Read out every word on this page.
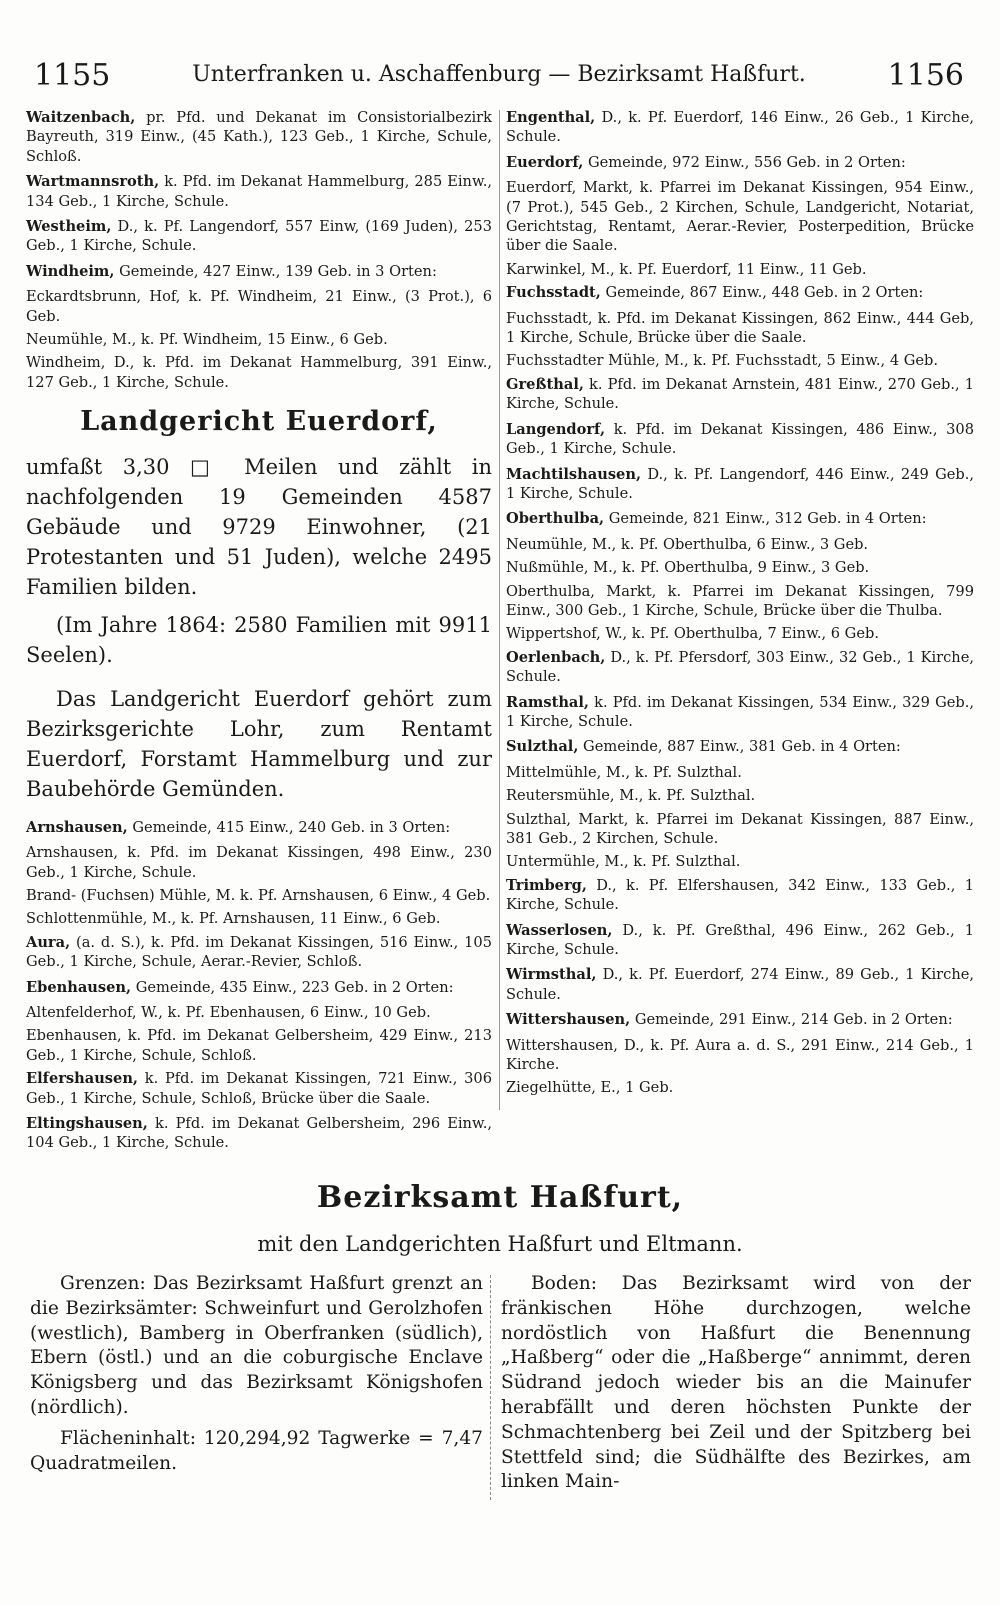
1155	Unterfranken u. Aschaffenburg — Bezirksamt Haßfurt.	1156

Waitzenbach, pr. Pfd. und Dekanat im Consistorialbezirk Bayreuth, 319 Einw., (45 Kath.), 123 Geb., 1 Kirche, Schule, Schloß.

Wartmannsroth, k. Pfd. im Dekanat Hammelburg, 285 Einw., 134 Geb., 1 Kirche, Schule.

Westheim, D., k. Pf. Langendorf, 557 Einw, (169 Juden), 253 Geb., 1 Kirche, Schule.

Windheim, Gemeinde, 427 Einw., 139 Geb. in 3 Orten:

Eckardtsbrunn, Hof, k. Pf. Windheim, 21 Einw., (3 Prot.), 6 Geb.

Neumühle, M., k. Pf. Windheim, 15 Einw., 6 Geb.

Windheim, D., k. Pfd. im Dekanat Hammelburg, 391 Einw., 127 Geb., 1 Kirche, Schule.

Landgericht Euerdorf,

umfaßt 3,30 □ Meilen und zählt in nachfolgenden 19 Gemeinden 4587 Gebäude und 9729 Einwohner, (21 Protestanten und 51 Juden), welche 2495 Familien bilden.

(Im Jahre 1864: 2580 Familien mit 9911 Seelen).

Das Landgericht Euerdorf gehört zum Bezirksgerichte Lohr, zum Rentamt Euerdorf, Forstamt Hammelburg und zur Baubehörde Gemünden.

Arnshausen, Gemeinde, 415 Einw., 240 Geb. in 3 Orten:

Arnshausen, k. Pfd. im Dekanat Kissingen, 498 Einw., 230 Geb., 1 Kirche, Schule.

Brand- (Fuchsen) Mühle, M. k. Pf. Arnshausen, 6 Einw., 4 Geb.

Schlottenmühle, M., k. Pf. Arnshausen, 11 Einw., 6 Geb.

Aura, (a. d. S.), k. Pfd. im Dekanat Kissingen, 516 Einw., 105 Geb., 1 Kirche, Schule, Aerar.-Revier, Schloß.

Ebenhausen, Gemeinde, 435 Einw., 223 Geb. in 2 Orten:

Altenfelderhof, W., k. Pf. Ebenhausen, 6 Einw., 10 Geb.

Ebenhausen, k. Pfd. im Dekanat Gelbersheim, 429 Einw., 213 Geb., 1 Kirche, Schule, Schloß.

Elfershausen, k. Pfd. im Dekanat Kissingen, 721 Einw., 306 Geb., 1 Kirche, Schule, Schloß, Brücke über die Saale.

Eltingshausen, k. Pfd. im Dekanat Gelbersheim, 296 Einw., 104 Geb., 1 Kirche, Schule.

Engenthal, D., k. Pf. Euerdorf, 146 Einw., 26 Geb., 1 Kirche, Schule.

Euerdorf, Gemeinde, 972 Einw., 556 Geb. in 2 Orten:

Euerdorf, Markt, k. Pfarrei im Dekanat Kissingen, 954 Einw., (7 Prot.), 545 Geb., 2 Kirchen, Schule, Landgericht, Notariat, Gerichtstag, Rentamt, Aerar.-Revier, Posterpedition, Brücke über die Saale.

Karwinkel, M., k. Pf. Euerdorf, 11 Einw., 11 Geb.

Fuchsstadt, Gemeinde, 867 Einw., 448 Geb. in 2 Orten:

Fuchsstadt, k. Pfd. im Dekanat Kissingen, 862 Einw., 444 Geb, 1 Kirche, Schule, Brücke über die Saale.

Fuchsstadter Mühle, M., k. Pf. Fuchsstadt, 5 Einw., 4 Geb.

Greßthal, k. Pfd. im Dekanat Arnstein, 481 Einw., 270 Geb., 1 Kirche, Schule.

Langendorf, k. Pfd. im Dekanat Kissingen, 486 Einw., 308 Geb., 1 Kirche, Schule.

Machtilshausen, D., k. Pf. Langendorf, 446 Einw., 249 Geb., 1 Kirche, Schule.

Oberthulba, Gemeinde, 821 Einw., 312 Geb. in 4 Orten:

Neumühle, M., k. Pf. Oberthulba, 6 Einw., 3 Geb.

Nußmühle, M., k. Pf. Oberthulba, 9 Einw., 3 Geb.

Oberthulba, Markt, k. Pfarrei im Dekanat Kissingen, 799 Einw., 300 Geb., 1 Kirche, Schule, Brücke über die Thulba.

Wippertshof, W., k. Pf. Oberthulba, 7 Einw., 6 Geb.

Oerlenbach, D., k. Pf. Pfersdorf, 303 Einw., 32 Geb., 1 Kirche, Schule.

Ramsthal, k. Pfd. im Dekanat Kissingen, 534 Einw., 329 Geb., 1 Kirche, Schule.

Sulzthal, Gemeinde, 887 Einw., 381 Geb. in 4 Orten:

Mittelmühle, M., k. Pf. Sulzthal.

Reutersmühle, M., k. Pf. Sulzthal.

Sulzthal, Markt, k. Pfarrei im Dekanat Kissingen, 887 Einw., 381 Geb., 2 Kirchen, Schule.

Untermühle, M., k. Pf. Sulzthal.

Trimberg, D., k. Pf. Elfershausen, 342 Einw., 133 Geb., 1 Kirche, Schule.

Wasserlosen, D., k. Pf. Greßthal, 496 Einw., 262 Geb., 1 Kirche, Schule.

Wirmsthal, D., k. Pf. Euerdorf, 274 Einw., 89 Geb., 1 Kirche, Schule.

Wittershausen, Gemeinde, 291 Einw., 214 Geb. in 2 Orten:

Wittershausen, D., k. Pf. Aura a. d. S., 291 Einw., 214 Geb., 1 Kirche.

Ziegelhütte, E., 1 Geb.

Bezirksamt Haßfurt,
mit den Landgerichten Haßfurt und Eltmann.

Grenzen: Das Bezirksamt Haßfurt grenzt an die Bezirksämter: Schweinfurt und Gerolzhofen (westlich), Bamberg in Oberfranken (südlich), Ebern (östl.) und an die coburgische Enclave Königsberg und das Bezirksamt Königshofen (nördlich).

Flächeninhalt: 120,294,92 Tagwerke = 7,47 Quadratmeilen.

Boden: Das Bezirksamt wird von der fränkischen Höhe durchzogen, welche nordöstlich von Haßfurt die Benennung „Haßberg“ oder die „Haßberge“ annimmt, deren Südrand jedoch wieder bis an die Mainufer herabfällt und deren höchsten Punkte der Schmachtenberg bei Zeil und der Spitzberg bei Stettfeld sind; die Südhälfte des Bezirkes, am linken Main-
